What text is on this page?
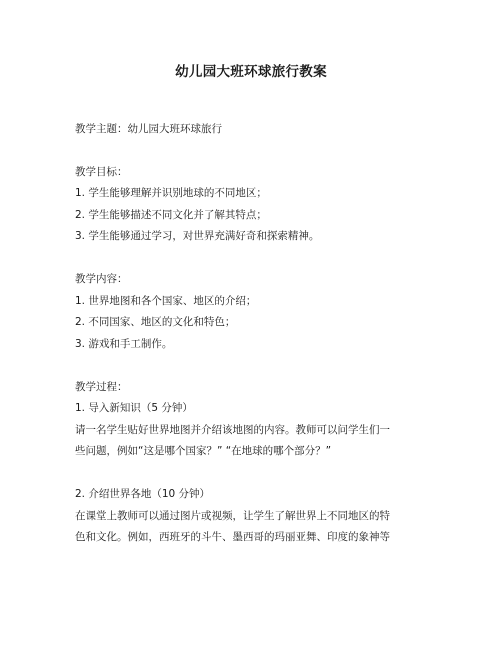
幼儿园大班环球旅行教案
教学主题：幼儿园大班环球旅行
教学目标：
1. 学生能够理解并识别地球的不同地区；
2. 学生能够描述不同文化并了解其特点；
3. 学生能够通过学习，对世界充满好奇和探索精神。
教学内容：
1. 世界地图和各个国家、地区的介绍；
2. 不同国家、地区的文化和特色；
3. 游戏和手工制作。
教学过程：
1. 导入新知识（5 分钟）
请一名学生贴好世界地图并介绍该地图的内容。教师可以问学生们一
些问题，例如“这是哪个国家？” “在地球的哪个部分？”
2. 介绍世界各地（10 分钟）
在课堂上教师可以通过图片或视频，让学生了解世界上不同地区的特
色和文化。例如，西班牙的斗牛、墨西哥的玛丽亚舞、印度的象神等
